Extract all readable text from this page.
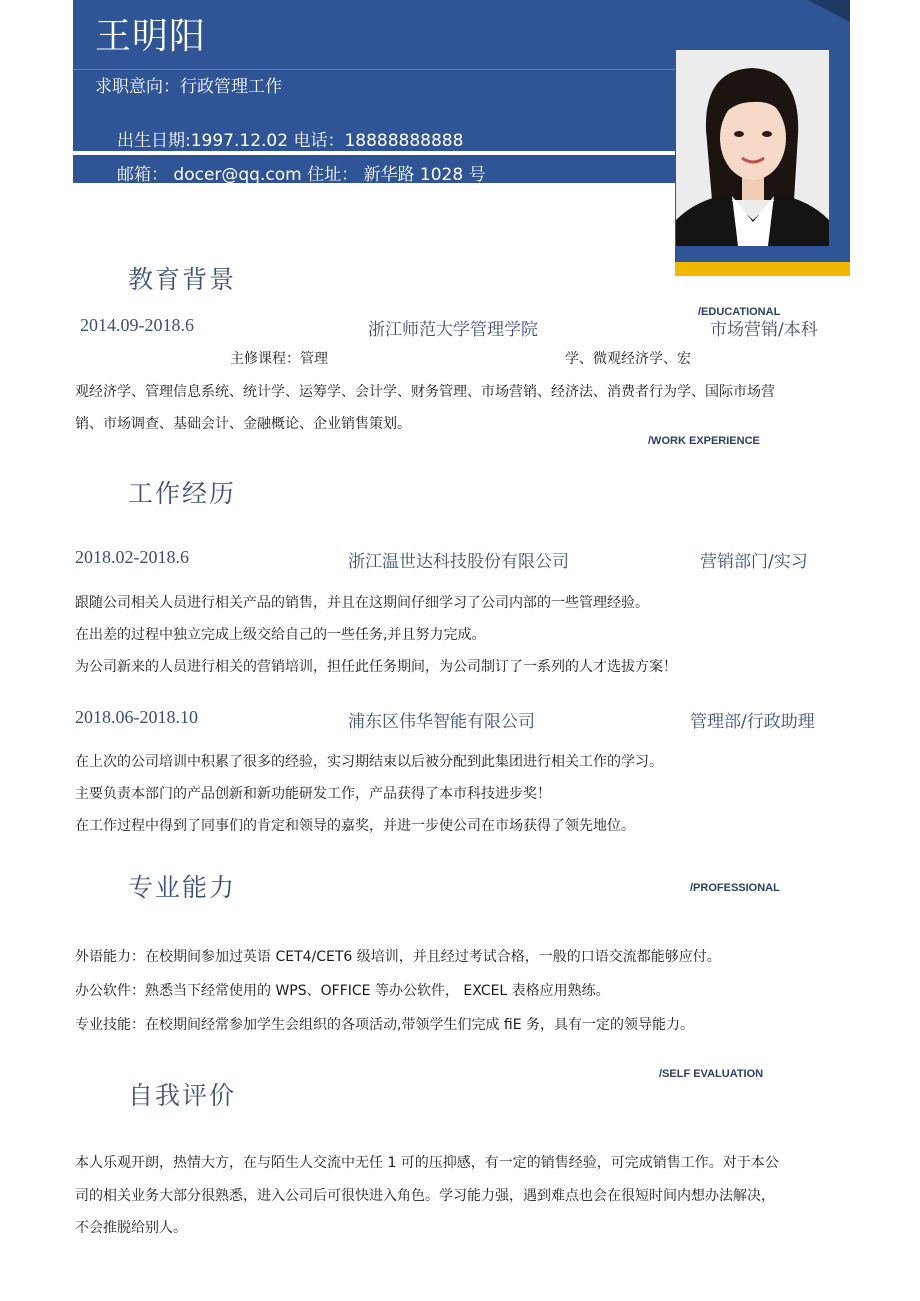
王明阳
求职意向：行政管理工作
出生日期:1997.12.02 电话：18888888888
邮箱： docer@qq.com 住址： 新华路 1028 号
教育背景
/EDUCATIONAL
2014.09-2018.6	浙江师范大学管理学院	市场营销/本科
主修课程：管理	学、微观经济学、宏
观经济学、管理信息系统、统计学、运筹学、会计学、财务管理、市场营销、经济法、消费者行为学、国际市场营
销、市场调查、基础会计、金融概论、企业销售策划。
/WORK EXPERIENCE
工作经历
2018.02-2018.6	浙江温世达科技股份有限公司	营销部门/实习
跟随公司相关人员进行相关产品的销售，并且在这期间仔细学习了公司内部的一些管理经验。
在出差的过程中独立完成上级交给自己的一些任务,并且努力完成。
为公司新来的人员进行相关的营销培训，担任此任务期间，为公司制订了一系列的人才选拔方案！
2018.06-2018.10	浦东区伟华智能有限公司	管理部/行政助理
在上次的公司培训中积累了很多的经验，实习期结束以后被分配到此集团进行相关工作的学习。
主要负责本部门的产品创新和新功能研发工作，产品获得了本市科技进步奖！
在工作过程中得到了同事们的肯定和领导的嘉奖，并进一步使公司在市场获得了领先地位。
专业能力	/PROFESSIONAL
外语能力：在校期间参加过英语 CET4/CET6 级培训，并且经过考试合格，一般的口语交流都能够应付。
办公软件：熟悉当下经常使用的 WPS、OFFICE 等办公软件， EXCEL 表格应用熟练。
专业技能：在校期间经常参加学生会组织的各项活动,带领学生们完成 fiE 务，具有一定的领导能力。
/SELF EVALUATION
自我评价
本人乐观开朗，热情大方，在与陌生人交流中无任 1 可的压抑感，有一定的销售经验，可完成销售工作。对于本公
司的相关业务大部分很熟悉，进入公司后可很快进入角色。学习能力强，遇到难点也会在很短时间内想办法解决，
不会推脱给别人。
